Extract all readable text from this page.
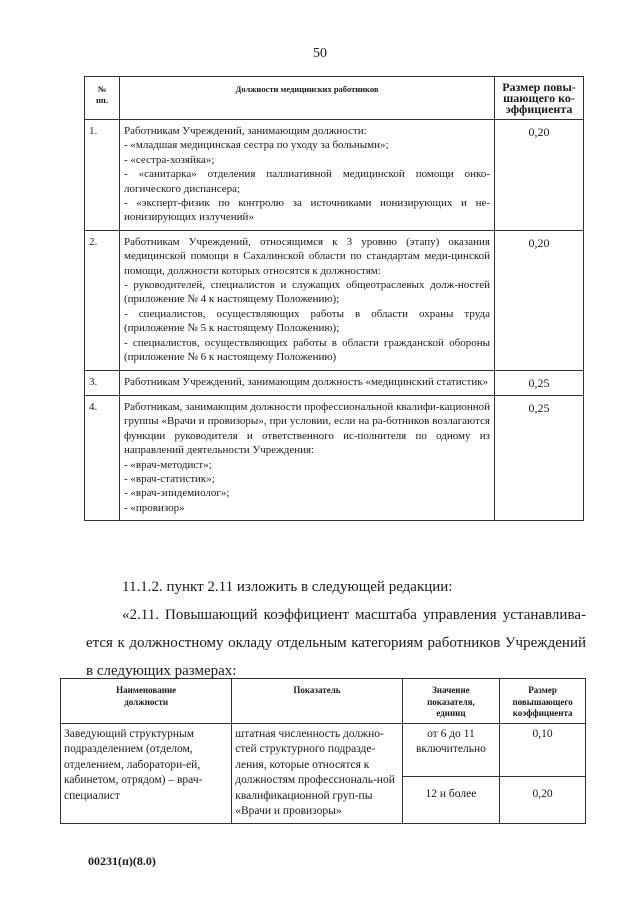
50
№
пп.	Должности медицинских работников	Размер повы-
шающего ко-
эффициента

1.	Работникам Учреждений, занимающим должности:
- «младшая медицинская сестра по уходу за больными»;
- «сестра-хозяйка»;
- «санитарка» отделения паллиативной медицинской помощи онко-логического диспансера;
- «эксперт-физик по контролю за источниками ионизирующих и не-ионизирующих излучений»	0,20
2.	Работникам Учреждений, относящимся к 3 уровню (этапу) оказания медицинской помощи в Сахалинской области по стандартам меди-цинской помощи, должности которых относятся к должностям:
- руководителей, специалистов и служащих общеотраслевых долж-ностей (приложение № 4 к настоящему Положению);
- специалистов, осуществляющих работы в области охраны труда (приложение № 5 к настоящему Положению);
- специалистов, осуществляющих работы в области гражданской обороны (приложение № 6 к настоящему Положению)	0,20
3.	Работникам Учреждений, занимающим должность «медицинский статистик»	0,25
4.	Работникам, занимающим должности профессиональной квалифи-кационной группы «Врачи и провизоры», при условии, если на ра-ботников возлагаются функции руководителя и ответственного ис-полнителя по одному из направлений деятельности Учреждения:
- «врач-методист»;
- «врач-статистик»;
- «врач-эпидемиолог»;
- «провизор»	0,25
11.1.2. пункт 2.11 изложить в следующей редакции:
«2.11. Повышающий коэффициент масштаба управления устанавлива-ется к должностному окладу отдельным категориям работников Учреждений в следующих размерах:
Наименование
должности	Показатель	Значение
показателя,
единиц	Размер
повышающего
коэффициента

Заведующий структурным подразделением (отделом, отделением, лаборатори-ей, кабинетом, отрядом) – врач-специалист	штатная численность должно-стей структурного подразде-ления, которые относятся к должностям профессиональ-ной квалификационной груп-пы «Врачи и провизоры»	от 6 до 11 включительно	0,10
		12 и более	0,20
00231(п)(8.0)
